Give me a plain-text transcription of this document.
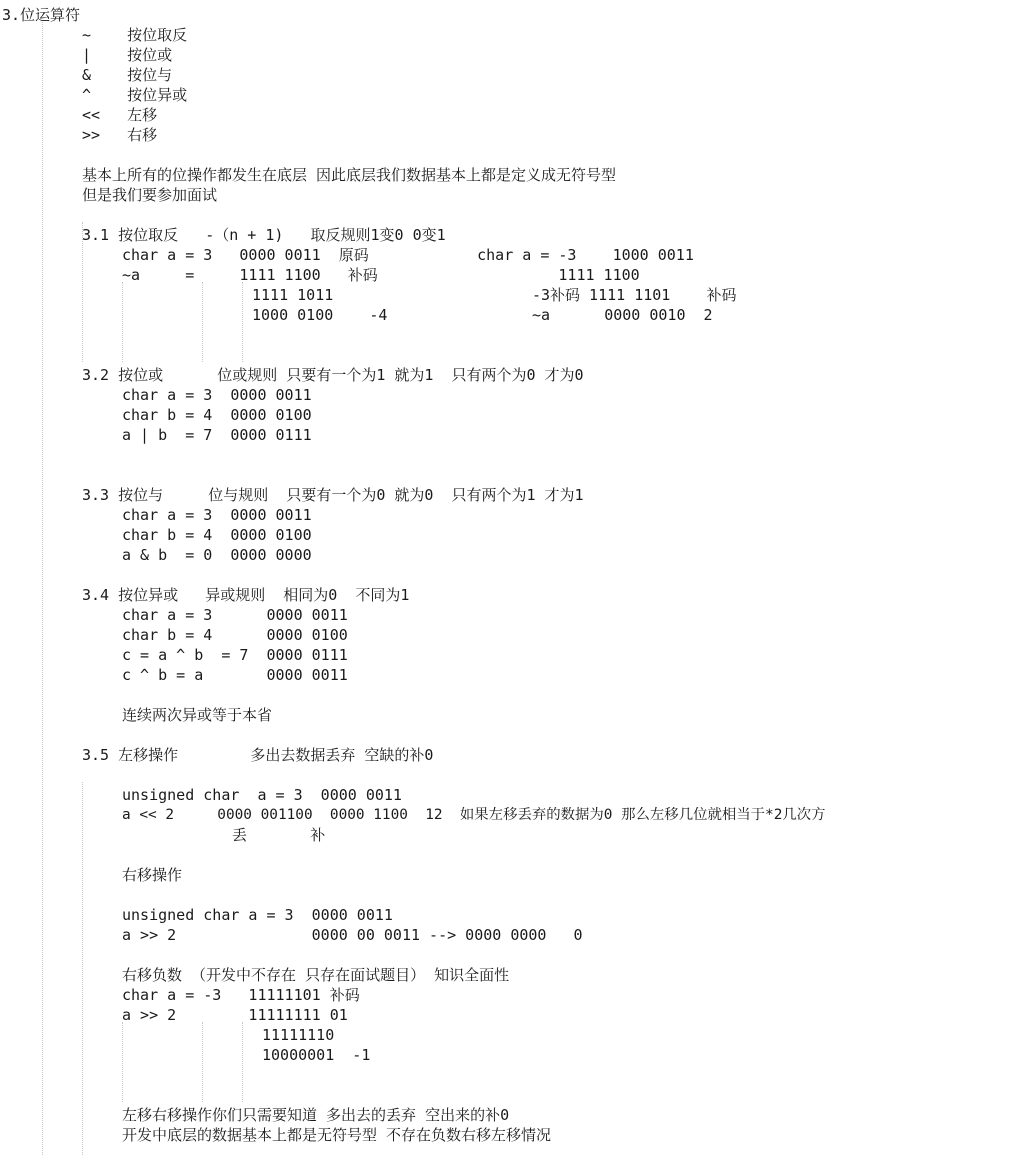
3.位运算符
~    按位取反
|    按位或
&    按位与
^    按位异或
<<   左移
>>   右移
基本上所有的位操作都发生在底层 因此底层我们数据基本上都是定义成无符号型
但是我们要参加面试
3.1 按位取反   -（n + 1)   取反规则1变0 0变1
char a = 3   0000 0011  原码            char a = -3    1000 0011
~a     =     1111 1100   补码                    1111 1100
1111 1011                      -3补码 1111 1101    补码
1000 0100    -4                ~a      0000 0010  2
3.2 按位或      位或规则 只要有一个为1 就为1  只有两个为0 才为0
char a = 3  0000 0011
char b = 4  0000 0100
a | b  = 7  0000 0111
3.3 按位与     位与规则  只要有一个为0 就为0  只有两个为1 才为1
char a = 3  0000 0011
char b = 4  0000 0100
a & b  = 0  0000 0000
3.4 按位异或   异或规则  相同为0  不同为1
char a = 3      0000 0011
char b = 4      0000 0100
c = a ^ b  = 7  0000 0111
c ^ b = a       0000 0011
连续两次异或等于本省
3.5 左移操作        多出去数据丢弃 空缺的补0
unsigned char  a = 3  0000 0011
a << 2     0000 001100  0000 1100  12  如果左移丢弃的数据为0 那么左移几位就相当于*2几次方
丢       补
右移操作
unsigned char a = 3  0000 0011
a >> 2               0000 00 0011 --> 0000 0000   0
右移负数 （开发中不存在 只存在面试题目） 知识全面性
char a = -3   11111101 补码
a >> 2        11111111 01
11111110
10000001  -1
左移右移操作你们只需要知道 多出去的丢弃 空出来的补0
开发中底层的数据基本上都是无符号型 不存在负数右移左移情况
